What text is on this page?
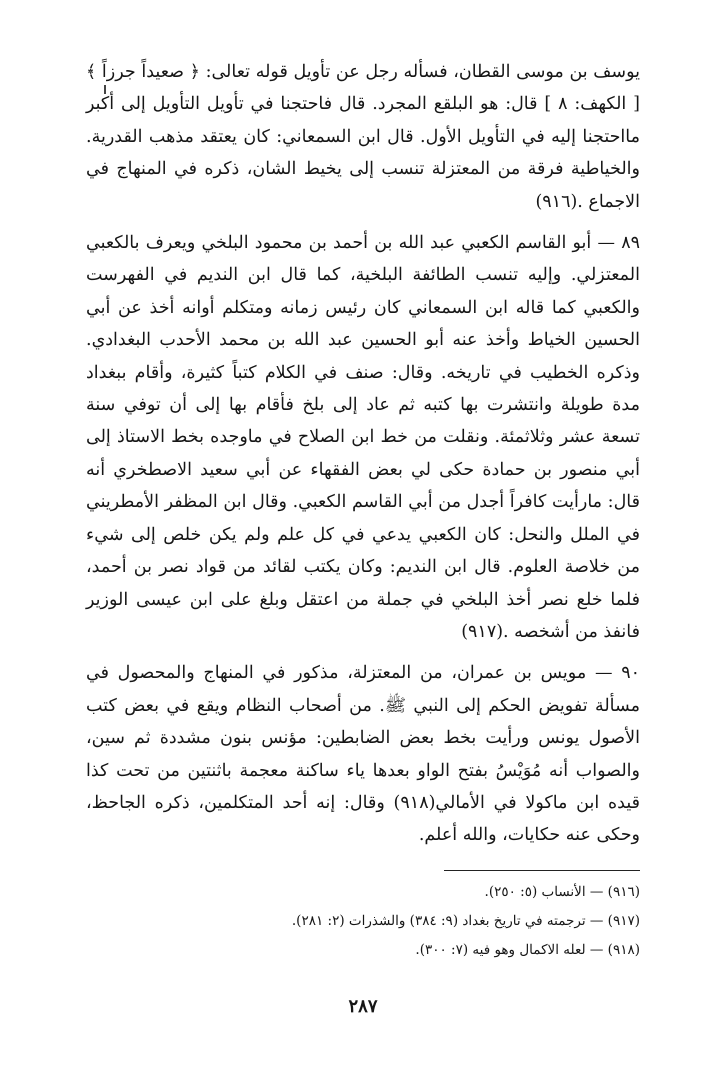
يوسف بن موسى القطان، فسأله رجل عن تأويل قوله تعالى: ﴿ صعيداً جرزاً ﴾ [ الكهف: ٨ ] قال: هو البلقع المجرد. قال فاحتجنا في تأويل التأويل إلى أكبر مااحتجنا إليه في التأويل الأول. قال ابن السمعاني: كان يعتقد مذهب القدرية. والخياطية فرقة من المعتزلة تنسب إلى يخيط الشان، ذكره في المنهاج في الاجماع .(٩١٦)

٨٩ — أبو القاسم الكعبي عبد الله بن أحمد بن محمود البلخي ويعرف بالكعبي المعتزلي. وإليه تنسب الطائفة البلخية، كما قال ابن النديم في الفهرست والكعبي كما قاله ابن السمعاني كان رئيس زمانه ومتكلم أوانه أخذ عن أبي الحسين الخياط وأخذ عنه أبو الحسين عبد الله بن محمد الأحدب البغدادي. وذكره الخطيب في تاريخه. وقال: صنف في الكلام كتباً كثيرة، وأقام ببغداد مدة طويلة وانتشرت بها كتبه ثم عاد إلى بلخ فأقام بها إلى أن توفي سنة تسعة عشر وثلاثمئة. ونقلت من خط ابن الصلاح في ماوجده بخط الاستاذ إلى أبي منصور بن حمادة حكى لي بعض الفقهاء عن أبي سعيد الاصطخري أنه قال: مارأيت كافراً أجدل من أبي القاسم الكعبي. وقال ابن المظفر الأمطريني في الملل والنحل: كان الكعبي يدعي في كل علم ولم يكن خلص إلى شيء من خلاصة العلوم. قال ابن النديم: وكان يكتب لقائد من قواد نصر بن أحمد، فلما خلع نصر أخذ البلخي في جملة من اعتقل وبلغ على ابن عيسى الوزير فانفذ من أشخصه .(٩١٧)

٩٠ — مويس بن عمران، من المعتزلة، مذكور في المنهاج والمحصول في مسألة تفويض الحكم إلى النبي ﷺ. من أصحاب النظام ويقع في بعض كتب الأصول يونس ورأيت بخط بعض الضابطين: مؤنس بنون مشددة ثم سين، والصواب أنه مُوَيْسُ بفتح الواو بعدها ياء ساكنة معجمة باثنتين من تحت كذا قيده ابن ماكولا في الأمالي(٩١٨) وقال: إنه أحد المتكلمين، ذكره الجاحظ، وحكى عنه حكايات، والله أعلم.

(٩١٦) — الأنساب (٥: ٢٥٠).

(٩١٧) — ترجمته في تاريخ بغداد (٩: ٣٨٤) والشذرات (٢: ٢٨١).

(٩١٨) — لعله الاكمال وهو فيه (٧: ٣٠٠).

٢٨٧
